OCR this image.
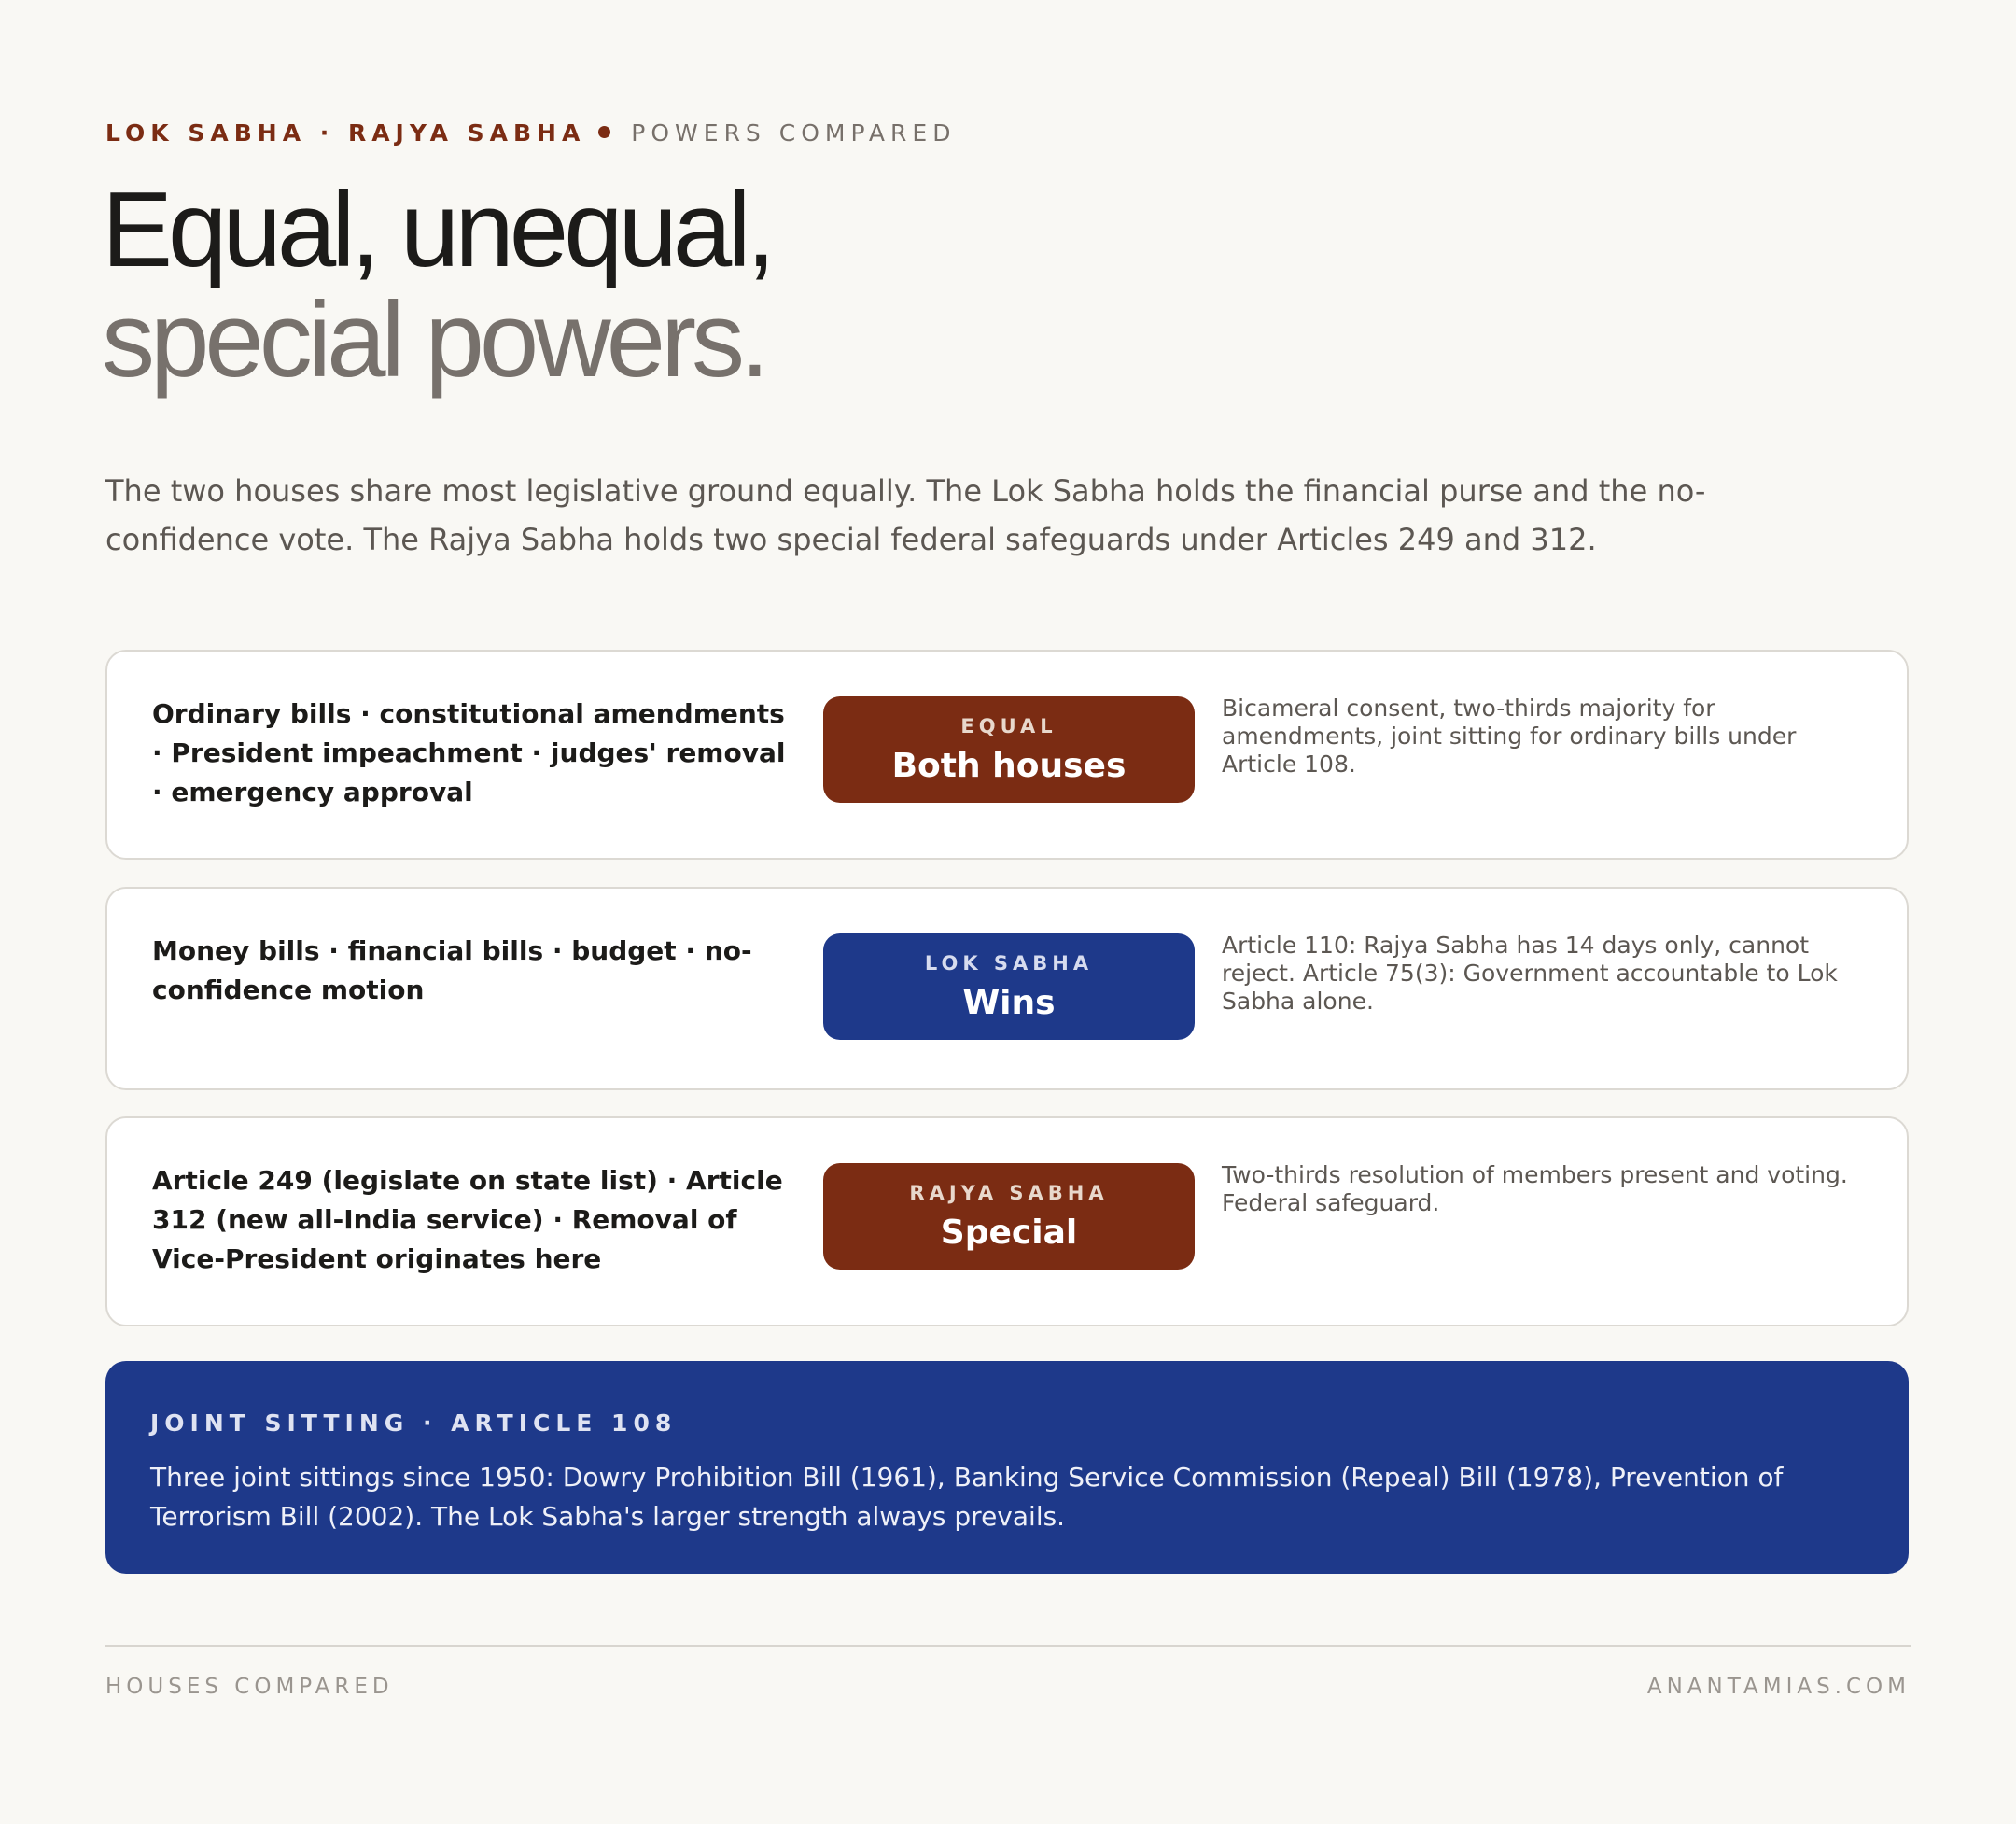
LOK SABHA · RAJYA SABHA POWERS COMPARED
Equal, unequal,
special powers.

The two houses share most legislative ground equally. The Lok Sabha holds the financial purse and the no-confidence vote. The Rajya Sabha holds two special federal safeguards under Articles 249 and 312.

Ordinary bills · constitutional amendments · President impeachment · judges' removal · emergency approval
EQUAL
Both houses
Bicameral consent, two-thirds majority for amendments, joint sitting for ordinary bills under Article 108.
Money bills · financial bills · budget · no-confidence motion
LOK SABHA
Wins
Article 110: Rajya Sabha has 14 days only, cannot reject. Article 75(3): Government accountable to Lok Sabha alone.
Article 249 (legislate on state list) · Article 312 (new all-India service) · Removal of Vice-President originates here
RAJYA SABHA
Special
Two-thirds resolution of members present and voting. Federal safeguard.
JOINT SITTING · ARTICLE 108
Three joint sittings since 1950: Dowry Prohibition Bill (1961), Banking Service Commission (Repeal) Bill (1978), Prevention of Terrorism Bill (2002). The Lok Sabha's larger strength always prevails.
HOUSES COMPARED	ANANTAMIAS.COM
